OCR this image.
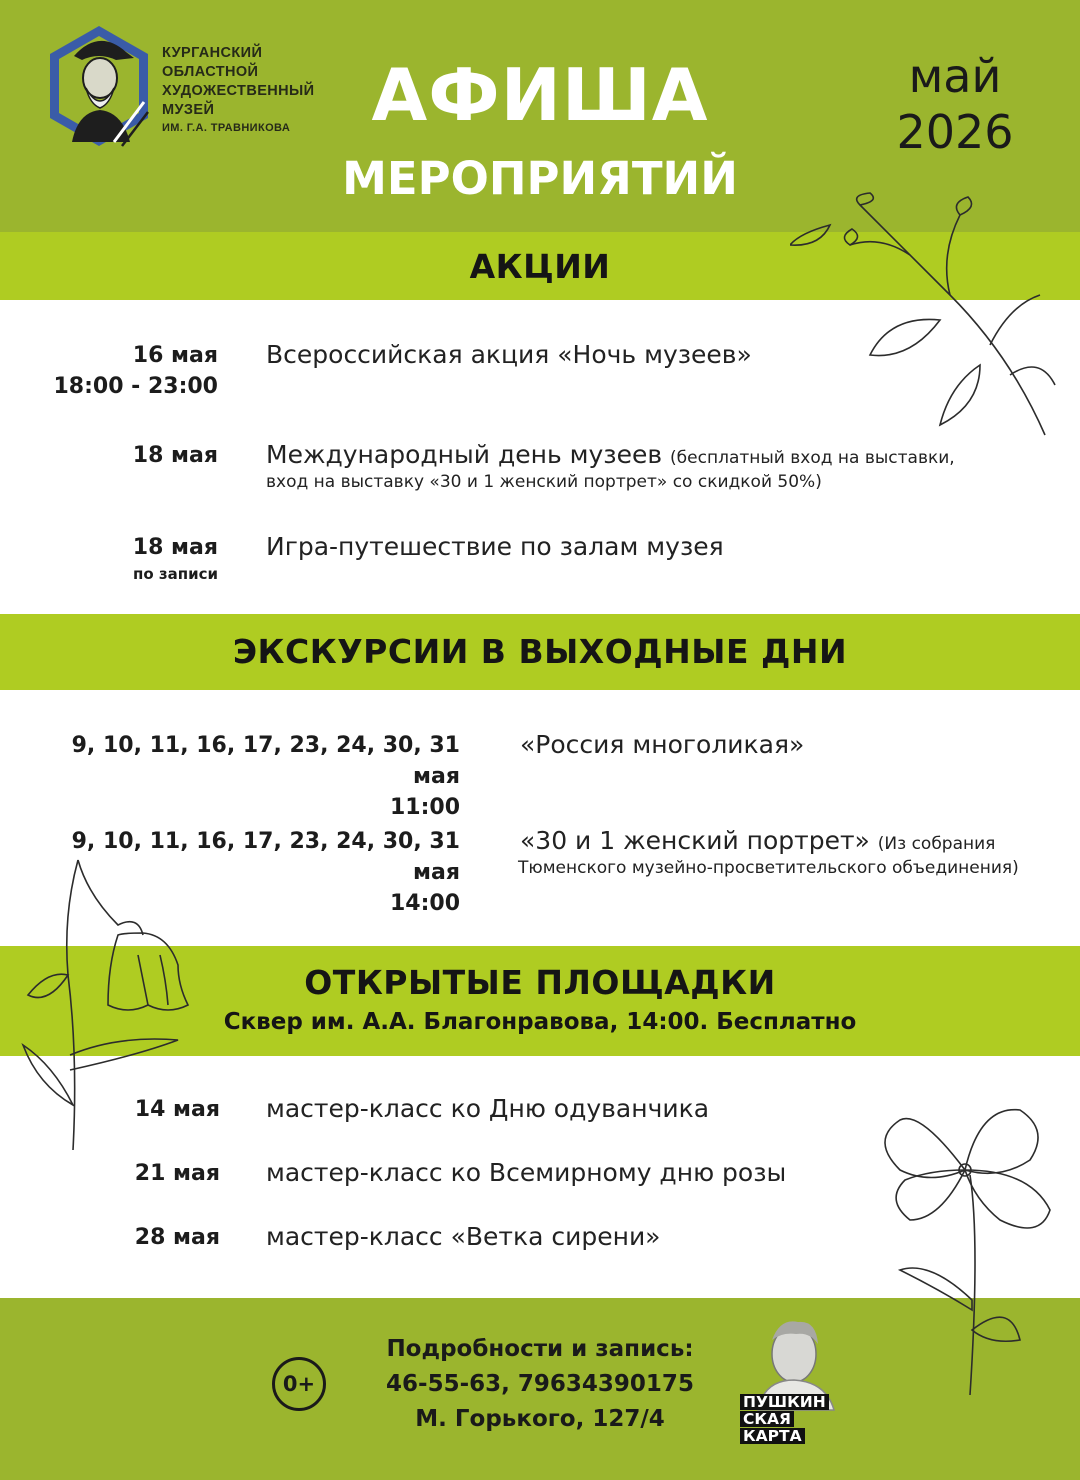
КУРГАНСКИЙ
ОБЛАСТНОЙ
ХУДОЖЕСТВЕННЫЙ
МУЗЕЙ
ИМ. Г.А. ТРАВНИКОВА	АФИША
МЕРОПРИЯТИЙ
май
2026
АКЦИИ
16 мая
18:00 - 23:00
Всероссийская акция «Ночь музеев»
18 мая Международный день музеев (бесплатный вход на выставки,
вход на выставку «30 и 1 женский портрет» со скидкой 50%)
18 мая
по записи
Игра-путешествие по залам музея
ЭКСКУРСИИ В ВЫХОДНЫЕ ДНИ
9, 10, 11, 16, 17, 23, 24, 30, 31 мая
11:00
«Россия многоликая»
9, 10, 11, 16, 17, 23, 24, 30, 31 мая
14:00
«30 и 1 женский портрет» (Из собрания
Тюменского музейно-просветительского объединения)
ОТКРЫТЫЕ ПЛОЩАДКИ
Сквер им. А.А. Благонравова, 14:00. Бесплатно
14 мая мастер-класс ко Дню одуванчика
21 мая мастер-класс ко Всемирному дню розы
28 мая мастер-класс «Ветка сирени»
0+
Подробности и запись:
46-55-63, 79634390175
М. Горького, 127/4
ПУШКИН
СКАЯ
КАРТА
